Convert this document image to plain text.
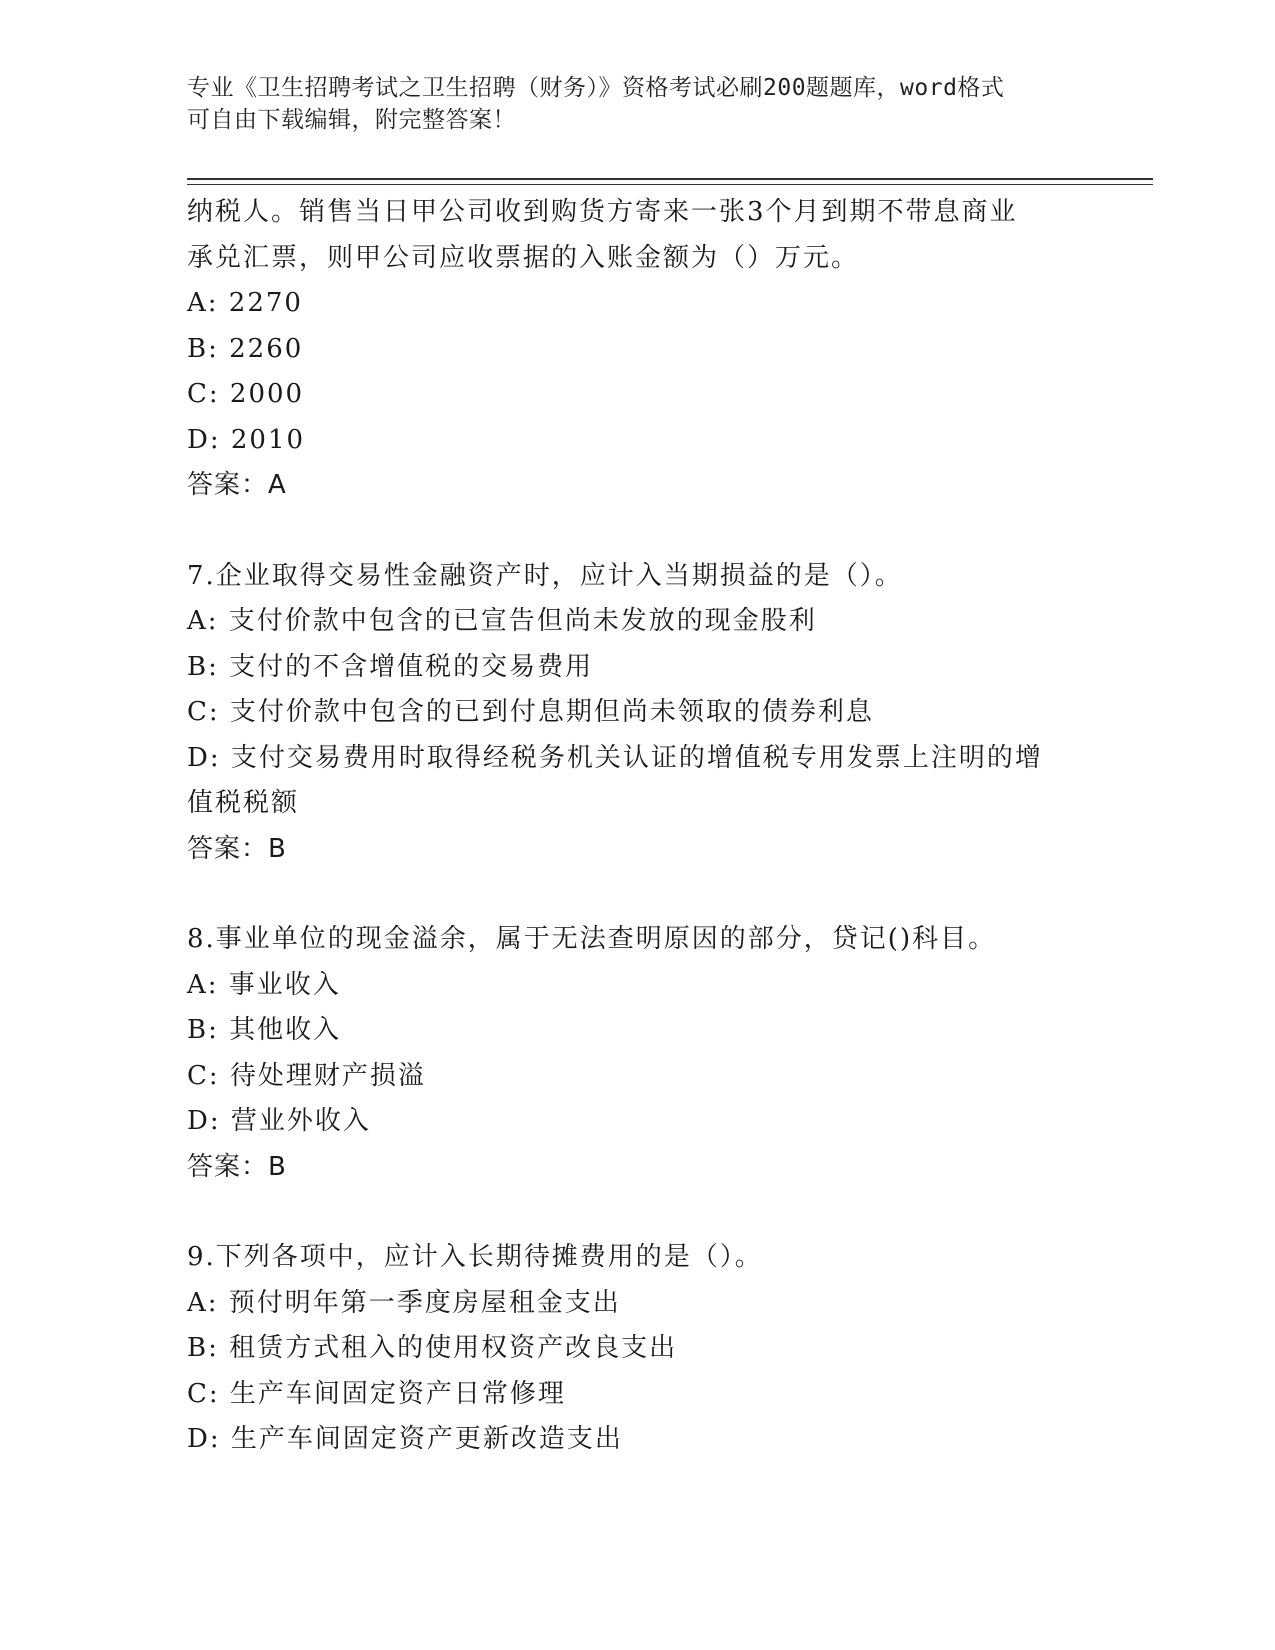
专业《卫生招聘考试之卫生招聘（财务）》资格考试必刷200题题库，word格式
可自由下载编辑，附完整答案！
纳税人。销售当日甲公司收到购货方寄来一张3个月到期不带息商业
承兑汇票，则甲公司应收票据的入账金额为（）万元。
A: 2270
B: 2260
C: 2000
D: 2010
答案：A
7.企业取得交易性金融资产时，应计入当期损益的是（）。
A: 支付价款中包含的已宣告但尚未发放的现金股利
B: 支付的不含增值税的交易费用
C: 支付价款中包含的已到付息期但尚未领取的债券利息
D: 支付交易费用时取得经税务机关认证的增值税专用发票上注明的增
值税税额
答案：B
8.事业单位的现金溢余，属于无法查明原因的部分，贷记()科目。
A: 事业收入
B: 其他收入
C: 待处理财产损溢
D: 营业外收入
答案：B
9.下列各项中，应计入长期待摊费用的是（）。
A: 预付明年第一季度房屋租金支出
B: 租赁方式租入的使用权资产改良支出
C: 生产车间固定资产日常修理
D: 生产车间固定资产更新改造支出
